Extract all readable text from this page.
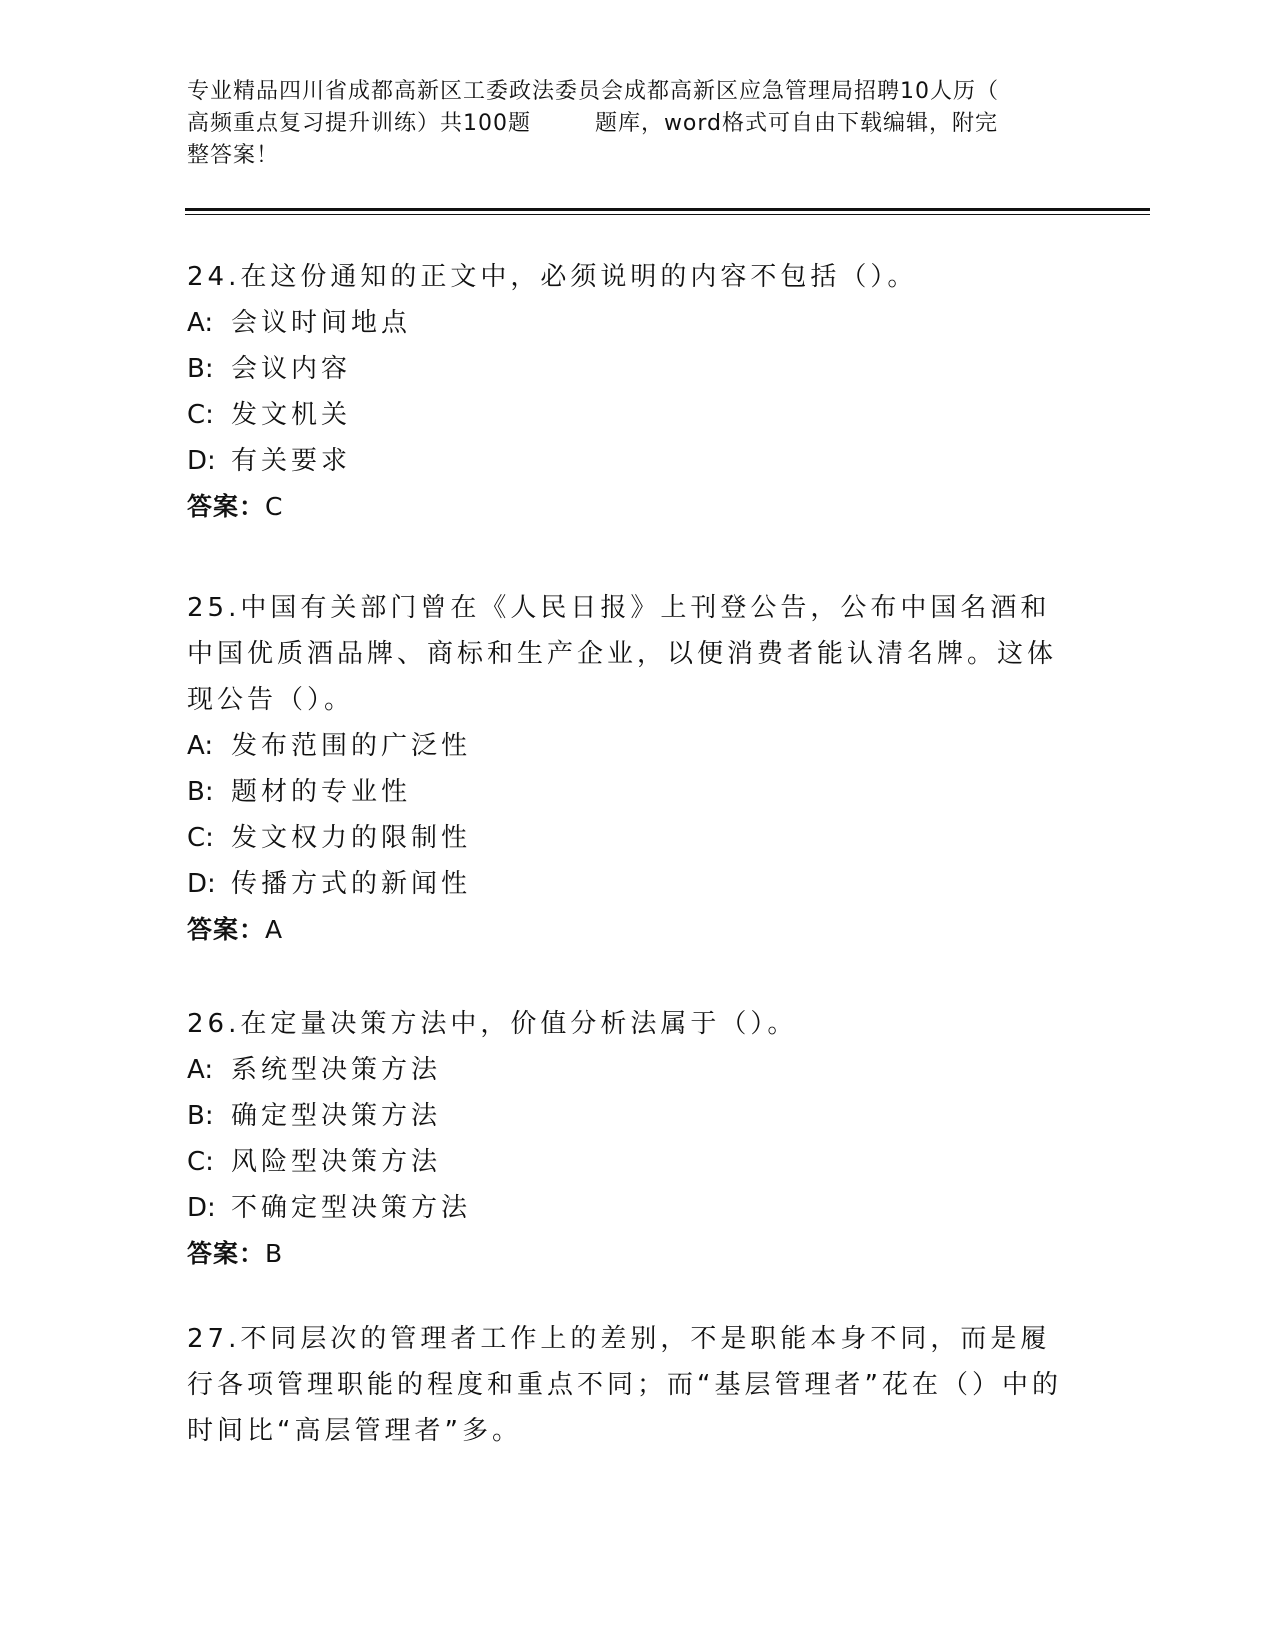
专业精品四川省成都高新区工委政法委员会成都高新区应急管理局招聘10人历（
高频重点复习提升训练）共100题        题库，word格式可自由下载编辑，附完
整答案！

24.在这份通知的正文中，必须说明的内容不包括（）。

A: 会议时间地点
B: 会议内容
C: 发文机关
D: 有关要求
答案：C

25.中国有关部门曾在《人民日报》上刊登公告，公布中国名酒和中国优质酒品牌、商标和生产企业，以便消费者能认清名牌。这体现公告（）。

A: 发布范围的广泛性
B: 题材的专业性
C: 发文权力的限制性
D: 传播方式的新闻性
答案：A

26.在定量决策方法中，价值分析法属于（）。

A: 系统型决策方法
B: 确定型决策方法
C: 风险型决策方法
D: 不确定型决策方法
答案：B

27.不同层次的管理者工作上的差别，不是职能本身不同，而是履行各项管理职能的程度和重点不同；而“基层管理者”花在（）中的时间比“高层管理者”多。
